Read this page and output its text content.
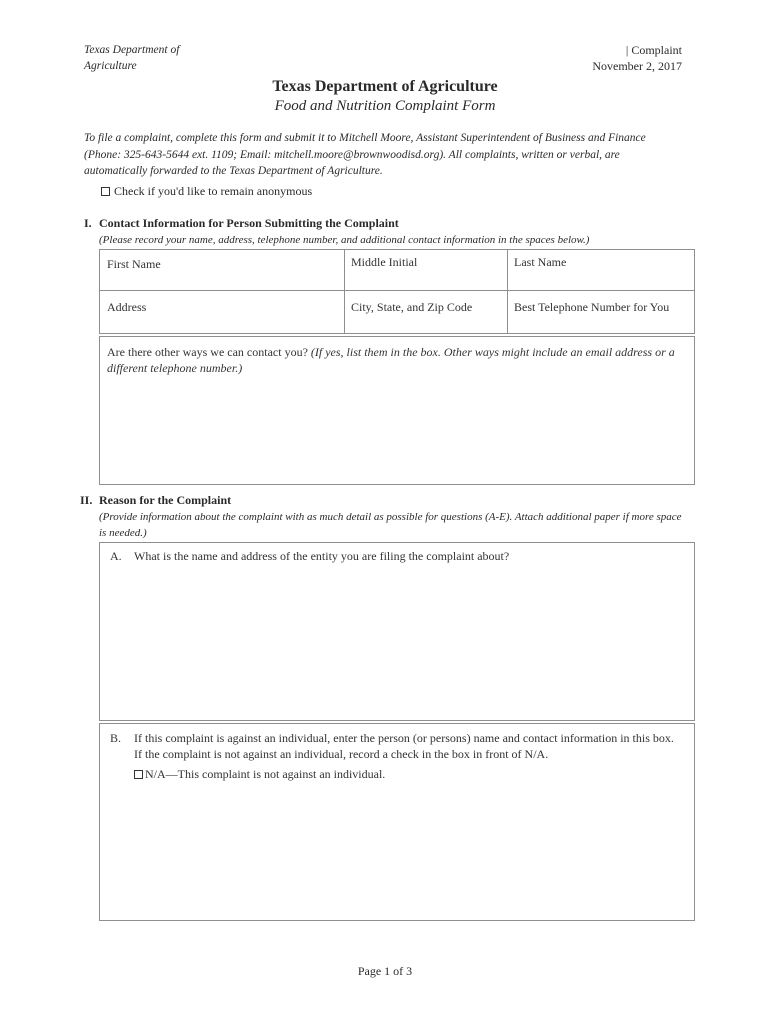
Texas Department of
Agriculture
| Complaint
November 2, 2017
Texas Department of Agriculture
Food and Nutrition Complaint Form
To file a complaint, complete this form and submit it to Mitchell Moore, Assistant Superintendent of Business and Finance (Phone: 325-643-5644 ext. 1109; Email: mitchell.moore@brownwoodisd.org). All complaints, written or verbal, are automatically forwarded to the Texas Department of Agriculture.
Check if you'd like to remain anonymous
I. Contact Information for Person Submitting the Complaint
(Please record your name, address, telephone number, and additional contact information in the spaces below.)
First Name	Middle Initial	Last Name
Address	City, State, and Zip Code	Best Telephone Number for You
Are there other ways we can contact you? (If yes, list them in the box. Other ways might include an email address or a different telephone number.)
II. Reason for the Complaint
(Provide information about the complaint with as much detail as possible for questions (A-E). Attach additional paper if more space is needed.)
A.	What is the name and address of the entity you are filing the complaint about?
B.	If this complaint is against an individual, enter the person (or persons) name and contact information in this box. If the complaint is not against an individual, record a check in the box in front of N/A.
N/A—This complaint is not against an individual.
Page 1 of 3
